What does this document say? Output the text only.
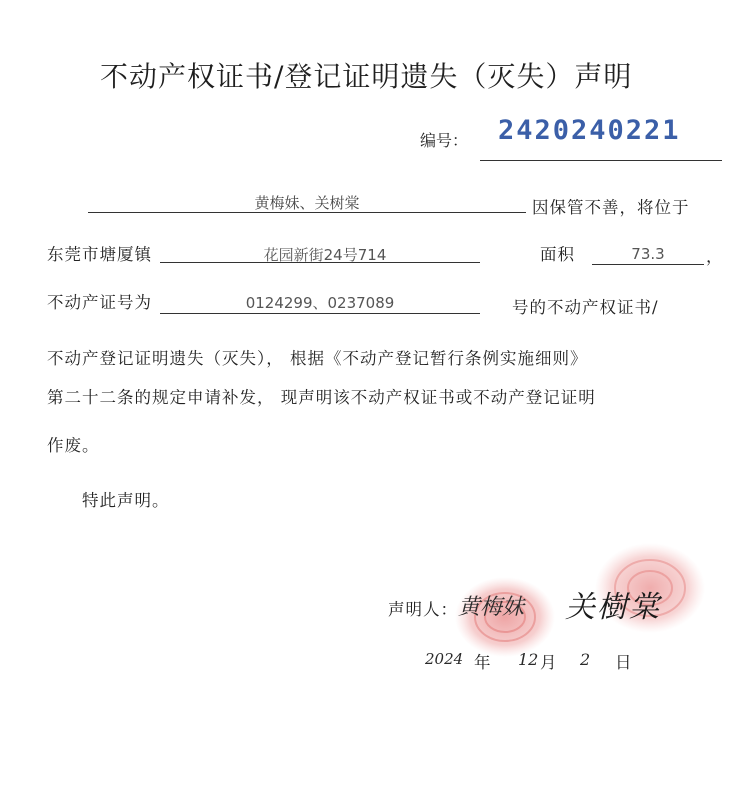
不动产权证书/登记证明遗失（灭失）声明
编号： 2420240221
黄梅妹、关树棠	因保管不善，将位于
东莞市塘厦镇	花园新街24号714	面积	73.3	，
不动产证号为	0124299、0237089	号的不动产权证书/
不动产登记证明遗失（灭失）， 根据《不动产登记暂行条例实施细则》
第二十二条的规定申请补发， 现声明该不动产权证书或不动产登记证明
作废。
特此声明。
声明人： 黄梅妹 关樹棠
2024 年 12 月 2 日
